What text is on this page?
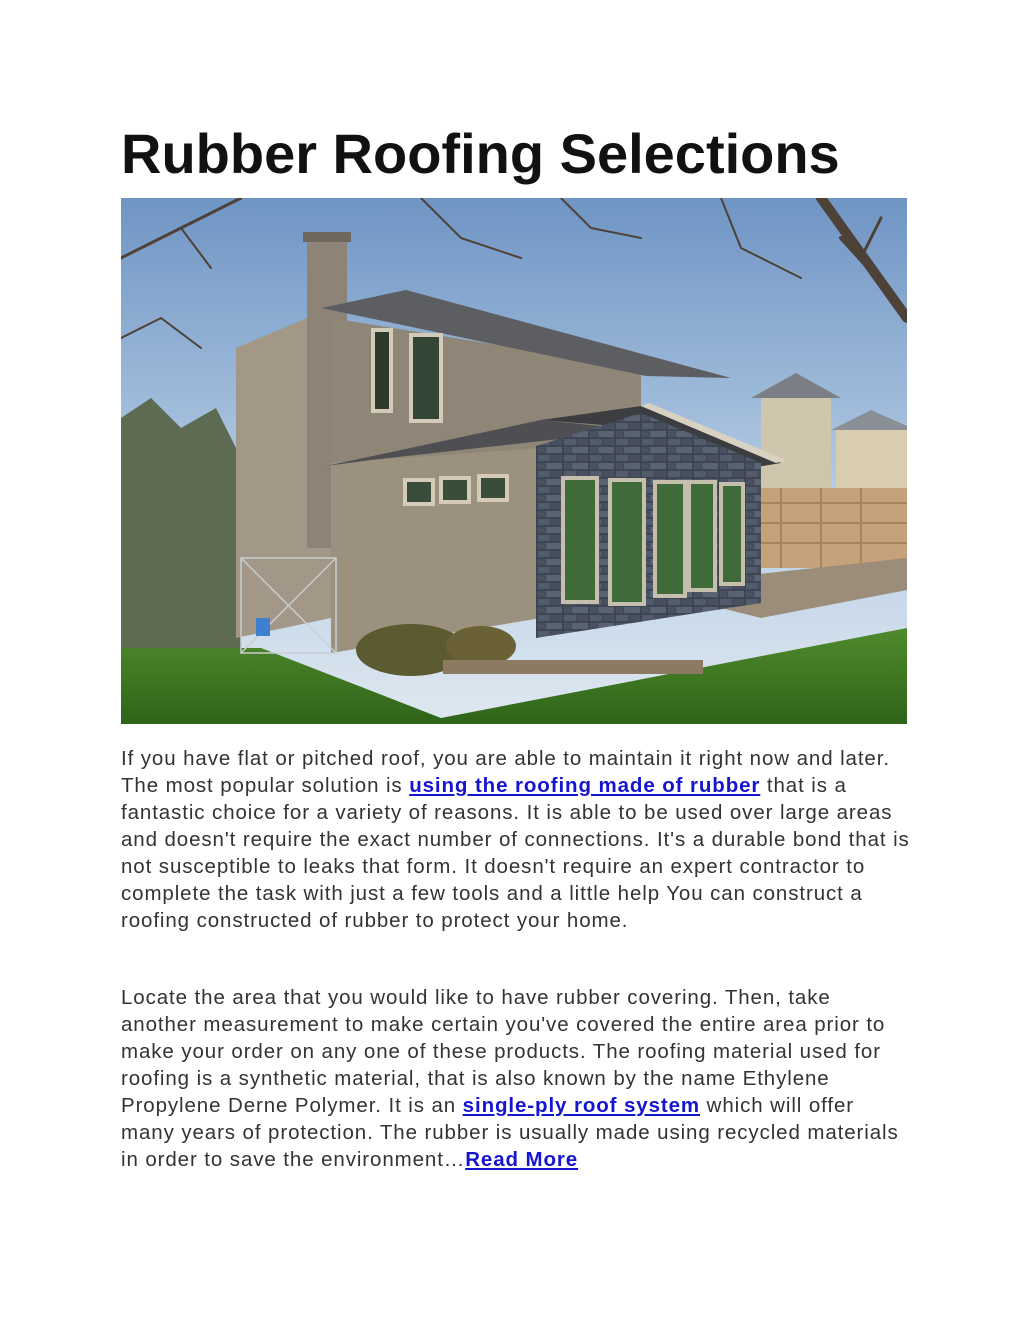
Rubber Roofing Selections

If you have flat or pitched roof, you are able to maintain it right now and later. The most popular solution is using the roofing made of rubber that is a fantastic choice for a variety of reasons. It is able to be used over large areas and doesn't require the exact number of connections. It's a durable bond that is not susceptible to leaks that form. It doesn't require an expert contractor to complete the task with just a few tools and a little help You can construct a roofing constructed of rubber to protect your home.

Locate the area that you would like to have rubber covering. Then, take another measurement to make certain you've covered the entire area prior to make your order on any one of these products. The roofing material used for roofing is a synthetic material, that is also known by the name Ethylene Propylene Derne Polymer. It is an single-ply roof system which will offer many years of protection. The rubber is usually made using recycled materials in order to save the environment…Read More
